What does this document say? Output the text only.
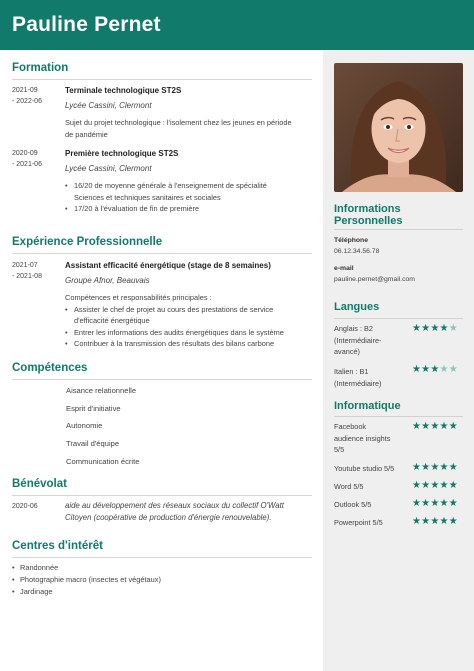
Pauline Pernet
Formation
2021-09
- 2022-06
Terminale technologique ST2S
Lycée Cassini, Clermont
Sujet du projet technologique : l'isolement chez les jeunes en période de pandémie
2020-09
- 2021-06
Première technologique ST2S
Lycée Cassini, Clermont
• 16/20 de moyenne générale à l'enseignement de spécialité Sciences et techniques sanitaires et sociales
• 17/20 à l'évaluation de fin de première
Expérience Professionnelle
2021-07
- 2021-08
Assistant efficacité énergétique (stage de 8 semaines)
Groupe Afnor, Beauvais
Compétences et responsabilités principales :
• Assister le chef de projet au cours des prestations de service d'efficacité énergétique
• Entrer les informations des audits énergétiques dans le système
• Contribuer à la transmission des résultats des bilans carbone
Compétences
Aisance relationnelle
Esprit d'initiative
Autonomie
Travail d'équipe
Communication écrite
Bénévolat
2020-06	aide au développement des réseaux sociaux du collectif O'Watt Citoyen (coopérative de production d'énergie renouvelable).
Centres d'intérêt
• Randonnée
• Photographie macro (insectes et végétaux)
• Jardinage
Informations
Personnelles
Téléphone
06.12.34.56.78
e-mail
pauline.pernet@gmail.com
Langues
Anglais : B2
(Intermédiaire-
avancé)
★★★★★
Italien : B1
(Intermédiaire)
★★★★★
Informatique
Facebook
audience insights
5/5
★★★★★
Youtube studio 5/5	★★★★★
Word 5/5	★★★★★
Outlook 5/5	★★★★★
Powerpoint 5/5	★★★★★
